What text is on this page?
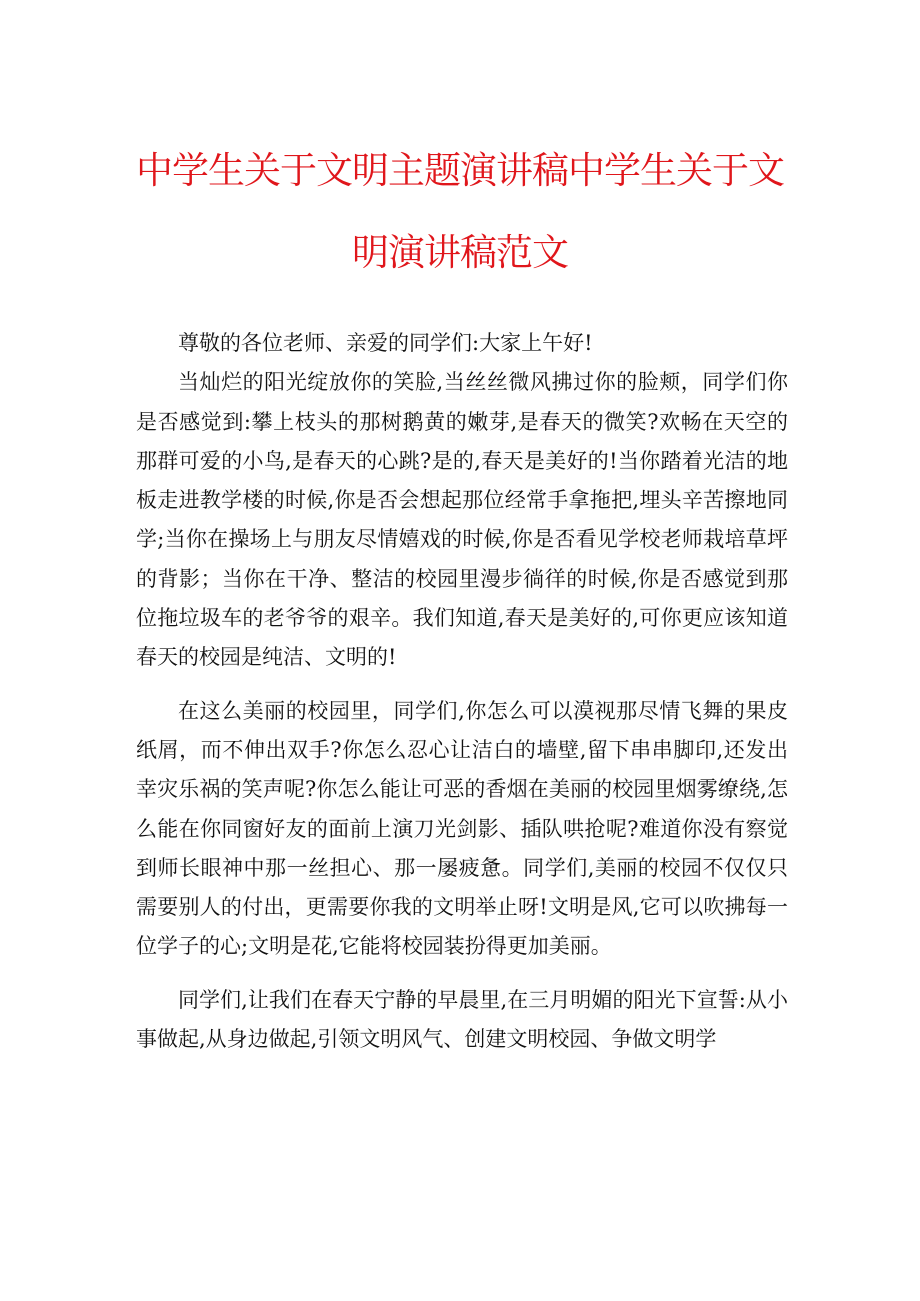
中学生关于文明主题演讲稿中学生关于文明演讲稿范文

尊敬的各位老师、亲爱的同学们:大家上午好!

当灿烂的阳光绽放你的笑脸,当丝丝微风拂过你的脸颊，同学们你是否感觉到:攀上枝头的那树鹅黄的嫩芽,是春天的微笑?欢畅在天空的那群可爱的小鸟,是春天的心跳?是的,春天是美好的!当你踏着光洁的地板走进教学楼的时候,你是否会想起那位经常手拿拖把,埋头辛苦擦地同学;当你在操场上与朋友尽情嬉戏的时候,你是否看见学校老师栽培草坪的背影；当你在干净、整洁的校园里漫步徜徉的时候,你是否感觉到那位拖垃圾车的老爷爷的艰辛。我们知道,春天是美好的,可你更应该知道春天的校园是纯洁、文明的!

在这么美丽的校园里，同学们,你怎么可以漠视那尽情飞舞的果皮纸屑，而不伸出双手?你怎么忍心让洁白的墙壁,留下串串脚印,还发出幸灾乐祸的笑声呢?你怎么能让可恶的香烟在美丽的校园里烟雾缭绕,怎么能在你同窗好友的面前上演刀光剑影、插队哄抢呢?难道你没有察觉到师长眼神中那一丝担心、那一屡疲惫。同学们,美丽的校园不仅仅只需要别人的付出，更需要你我的文明举止呀!文明是风,它可以吹拂每一位学子的心;文明是花,它能将校园装扮得更加美丽。

同学们,让我们在春天宁静的早晨里,在三月明媚的阳光下宣誓:从小事做起,从身边做起,引领文明风气、创建文明校园、争做文明学
